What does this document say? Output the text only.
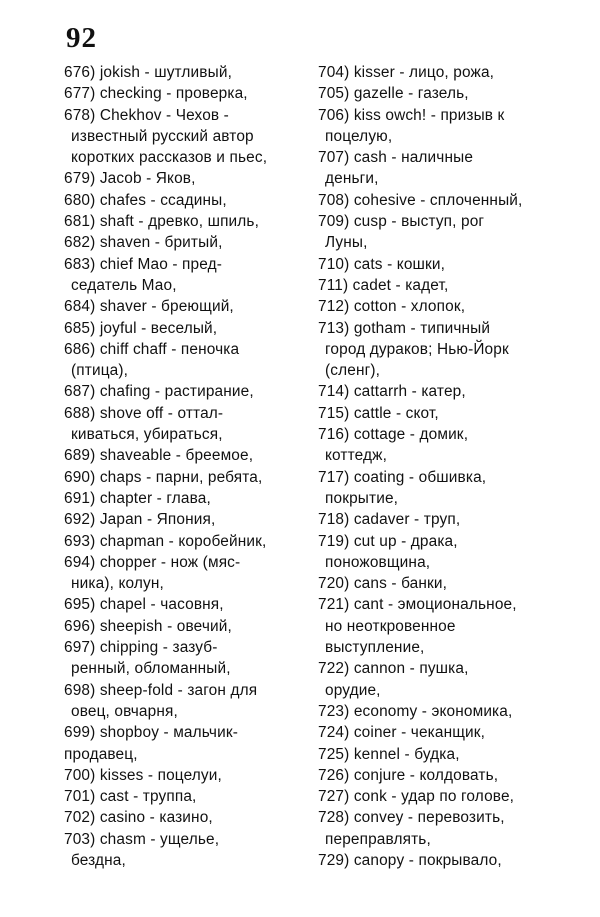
92
676) jokish - шутливый,
677) checking - проверка,
678) Chekhov - Чехов -
известный русский автор
коротких рассказов и пьес,
679) Jacob - Яков,
680) chafes - ссадины,
681) shaft - древко, шпиль,
682) shaven - бритый,
683) chief Mao - пред-
седатель Мао,
684) shaver - бреющий,
685) joyful - веселый,
686) chiff chaff - пеночка
(птица),
687) chafing - растирание,
688) shove off - оттал-
киваться, убираться,
689) shaveable - бреемое,
690) chaps - парни, ребята,
691) chapter - глава,
692) Japan - Япония,
693) chapman - коробейник,
694) chopper - нож (мяс-
ника), колун,
695) chapel - часовня,
696) sheepish - овечий,
697) chipping - зазуб-
ренный, обломанный,
698) sheep-fold - загон для
овец, овчарня,
699) shopboy - мальчик-
продавец,
700) kisses - поцелуи,
701) cast - труппа,
702) casino - казино,
703) chasm - ущелье,
бездна,
704) kisser - лицо, рожа,
705) gazelle - газель,
706) kiss owch! - призыв к
поцелую,
707) cash - наличные
деньги,
708) cohesive - сплоченный,
709) cusp - выступ, рог
Луны,
710) cats - кошки,
711) cadet - кадет,
712) cotton - хлопок,
713) gotham - типичный
город дураков; Нью-Йорк
(сленг),
714) cattarrh - катер,
715) cattle - скот,
716) cottage - домик,
коттедж,
717) coating - обшивка,
покрытие,
718) cadaver - труп,
719) cut up - драка,
поножовщина,
720) cans - банки,
721) cant - эмоциональное,
но неоткровенное
выступление,
722) cannon - пушка,
орудие,
723) economy - экономика,
724) coiner - чеканщик,
725) kennel - будка,
726) conjure - колдовать,
727) conk - удар по голове,
728) convey - перевозить,
переправлять,
729) canopy - покрывало,
